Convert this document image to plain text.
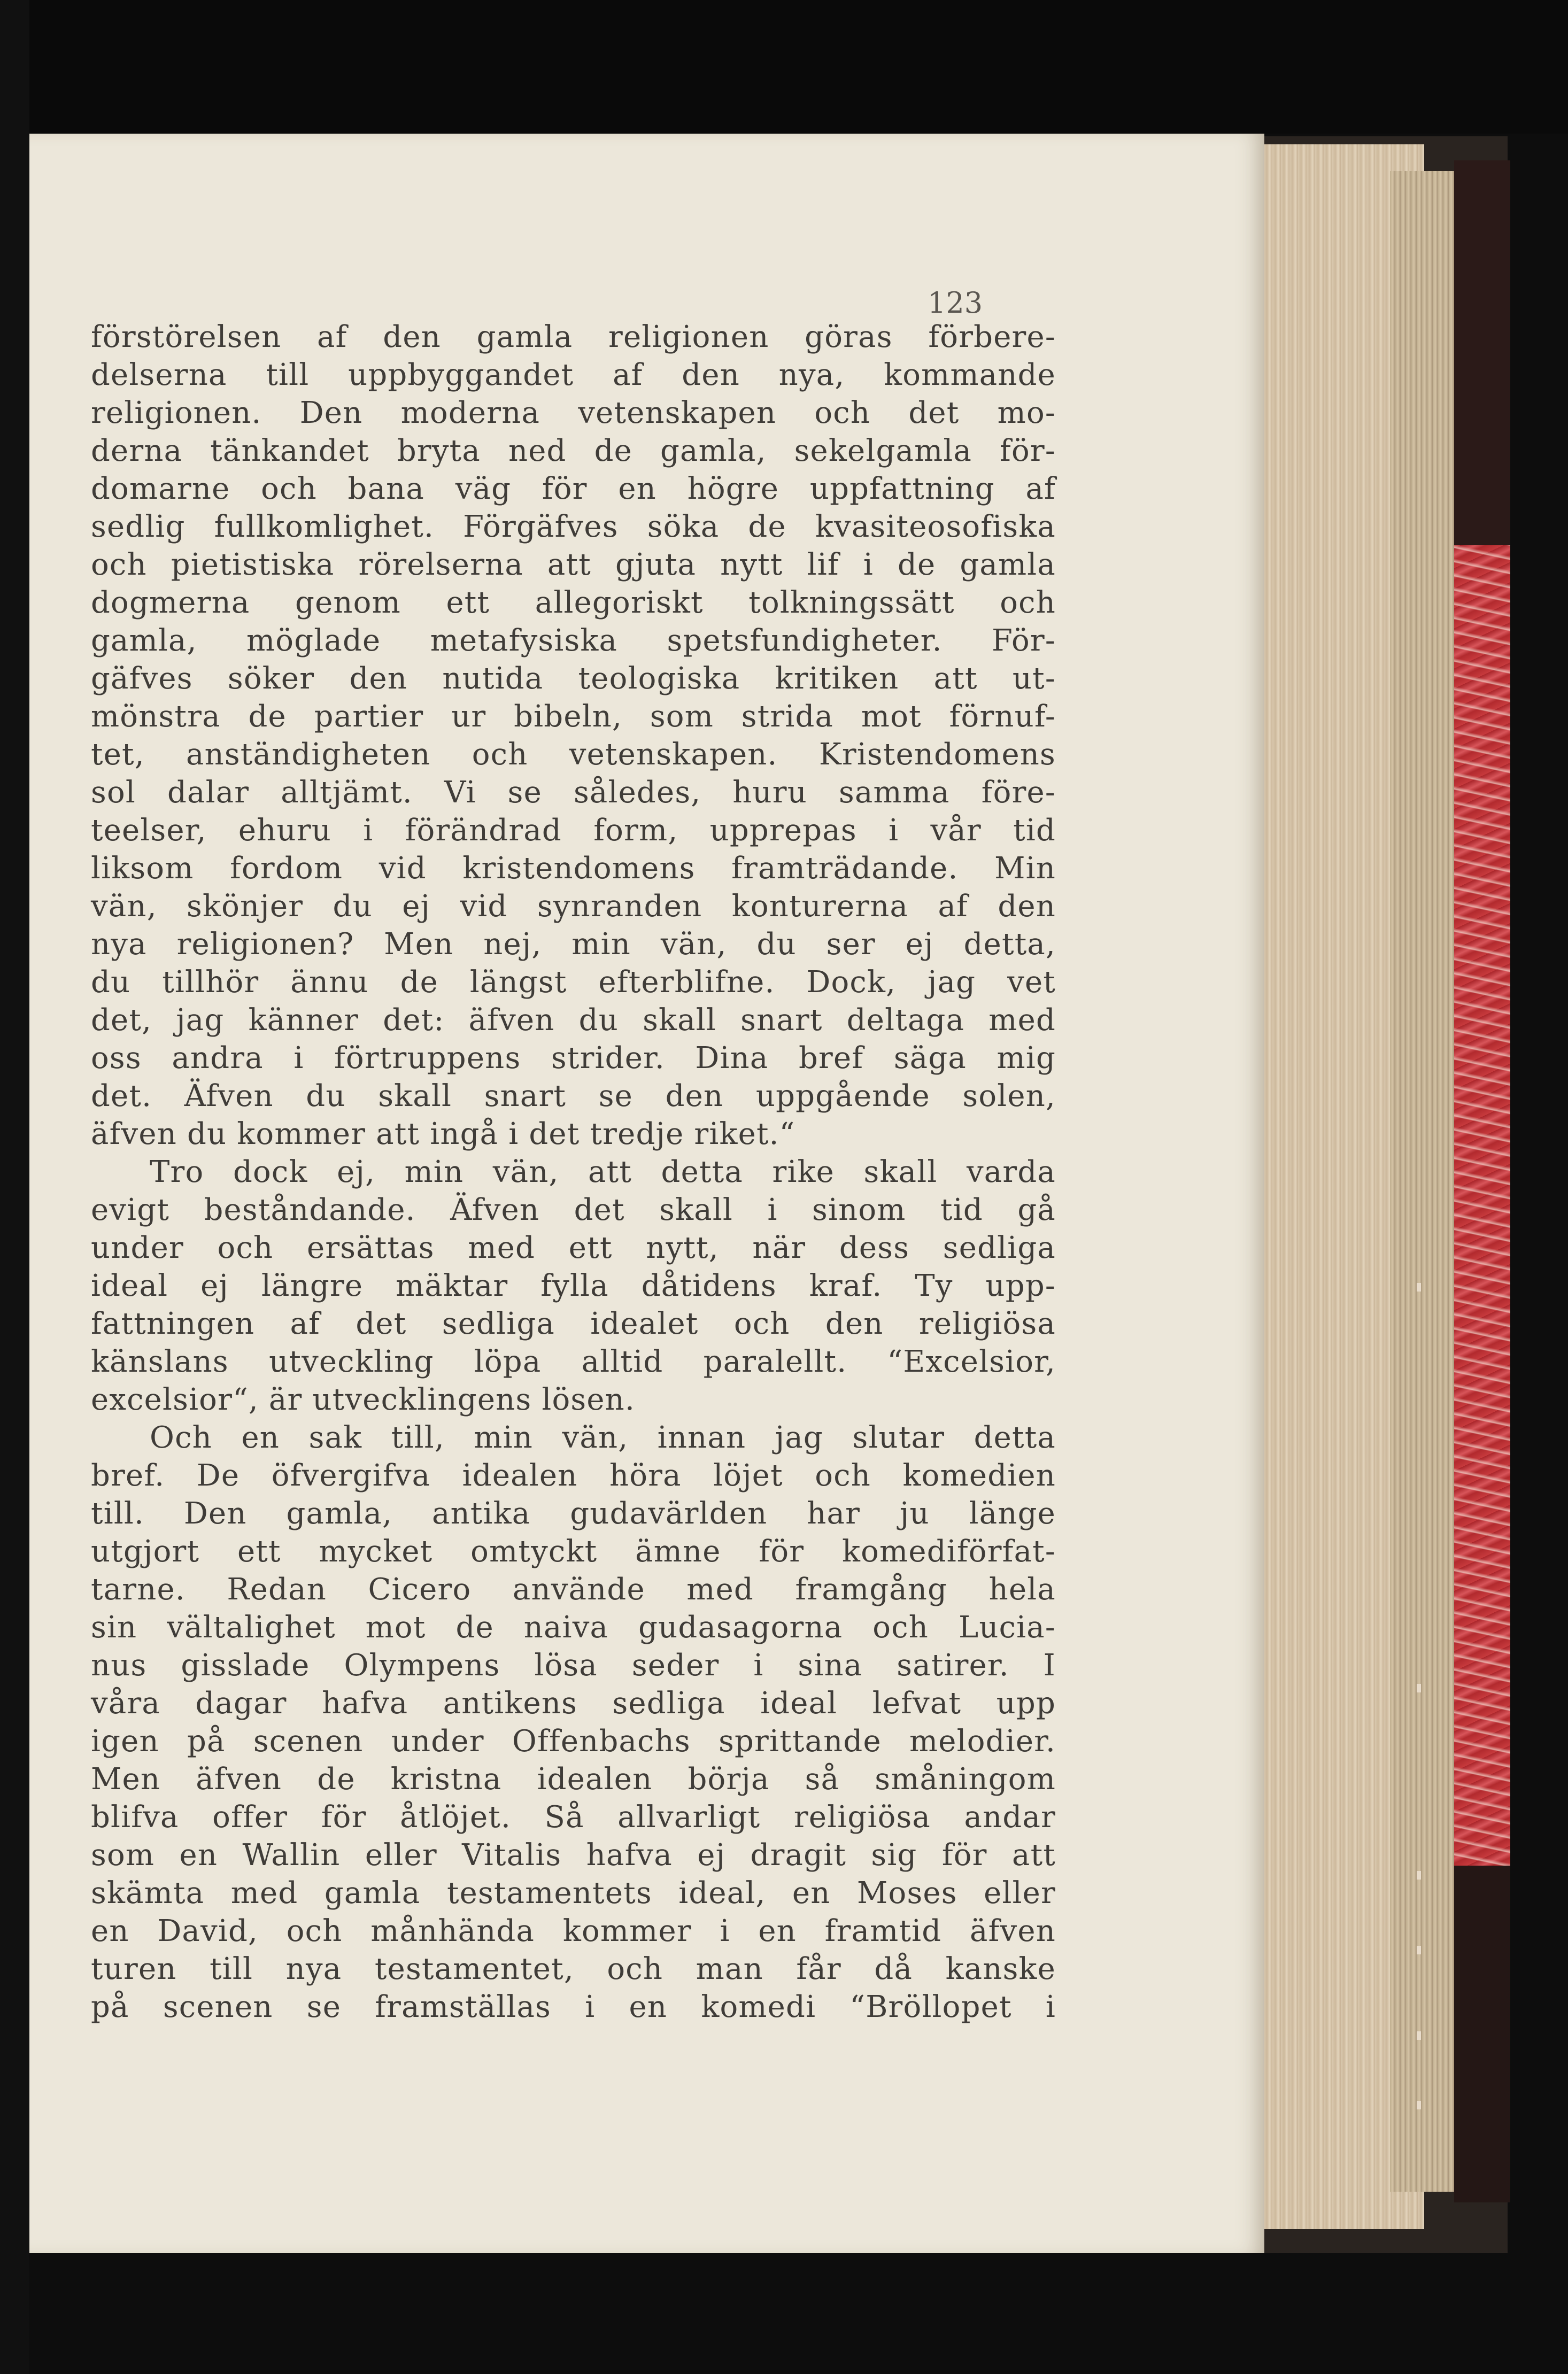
123

förstörelsen af den gamla religionen göras förbere-
delserna till uppbyggandet af den nya, kommande
religionen. Den moderna vetenskapen och det mo-
derna tänkandet bryta ned de gamla, sekelgamla för-
domarne och bana väg för en högre uppfattning af
sedlig fullkomlighet. Förgäfves söka de kvasiteosofiska
och pietistiska rörelserna att gjuta nytt lif i de gamla
dogmerna genom ett allegoriskt tolkningssätt och
gamla, möglade metafysiska spetsfundigheter. För-
gäfves söker den nutida teologiska kritiken att ut-
mönstra de partier ur bibeln, som strida mot förnuf-
tet, anständigheten och vetenskapen. Kristendomens
sol dalar alltjämt. Vi se således, huru samma före-
teelser, ehuru i förändrad form, upprepas i vår tid
liksom fordom vid kristendomens framträdande. Min
vän, skönjer du ej vid synranden konturerna af den
nya religionen? Men nej, min vän, du ser ej detta,
du tillhör ännu de längst efterblifne. Dock, jag vet
det, jag känner det: äfven du skall snart deltaga med
oss andra i förtruppens strider. Dina bref säga mig
det. Äfven du skall snart se den uppgående solen,
äfven du kommer att ingå i det tredje riket.“
Tro dock ej, min vän, att detta rike skall varda
evigt beståndande. Äfven det skall i sinom tid gå
under och ersättas med ett nytt, när dess sedliga
ideal ej längre mäktar fylla dåtidens kraf. Ty upp-
fattningen af det sedliga idealet och den religiösa
känslans utveckling löpa alltid paralellt. “Excelsior,
excelsior“, är utvecklingens lösen.
Och en sak till, min vän, innan jag slutar detta
bref. De öfvergifva idealen höra löjet och komedien
till. Den gamla, antika gudavärlden har ju länge
utgjort ett mycket omtyckt ämne för komediförfat-
tarne. Redan Cicero använde med framgång hela
sin vältalighet mot de naiva gudasagorna och Lucia-
nus gisslade Olympens lösa seder i sina satirer. I
våra dagar hafva antikens sedliga ideal lefvat upp
igen på scenen under Offenbachs sprittande melodier.
Men äfven de kristna idealen börja så småningom
blifva offer för åtlöjet. Så allvarligt religiösa andar
som en Wallin eller Vitalis hafva ej dragit sig för att
skämta med gamla testamentets ideal, en Moses eller
en David, och månhända kommer i en framtid äfven
turen till nya testamentet, och man får då kanske
på scenen se framställas i en komedi “Bröllopet i
